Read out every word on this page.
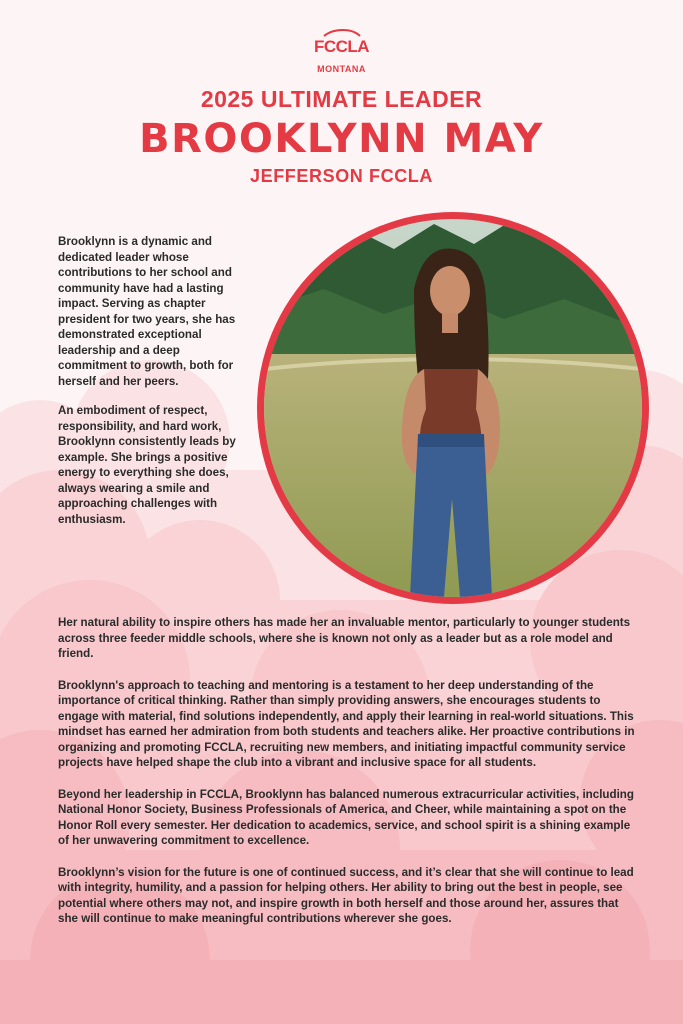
FCCLA
MONTANA
2025 ULTIMATE LEADER
BROOKLYNN MAY
JEFFERSON FCCLA

Brooklynn is a dynamic and dedicated leader whose contributions to her school and community have had a lasting impact. Serving as chapter president for two years, she has demonstrated exceptional leadership and a deep commitment to growth, both for herself and her peers.

An embodiment of respect, responsibility, and hard work, Brooklynn consistently leads by example. She brings a positive energy to everything she does, always wearing a smile and approaching challenges with enthusiasm.

Her natural ability to inspire others has made her an invaluable mentor, particularly to younger students across three feeder middle schools, where she is known not only as a leader but as a role model and friend.

Brooklynn's approach to teaching and mentoring is a testament to her deep understanding of the importance of critical thinking. Rather than simply providing answers, she encourages students to engage with material, find solutions independently, and apply their learning in real-world situations. This mindset has earned her admiration from both students and teachers alike. Her proactive contributions in organizing and promoting FCCLA, recruiting new members, and initiating impactful community service projects have helped shape the club into a vibrant and inclusive space for all students.

Beyond her leadership in FCCLA, Brooklynn has balanced numerous extracurricular activities, including National Honor Society, Business Professionals of America, and Cheer, while maintaining a spot on the Honor Roll every semester. Her dedication to academics, service, and school spirit is a shining example of her unwavering commitment to excellence.

Brooklynn’s vision for the future is one of continued success, and it’s clear that she will continue to lead with integrity, humility, and a passion for helping others. Her ability to bring out the best in people, see potential where others may not, and inspire growth in both herself and those around her, assures that she will continue to make meaningful contributions wherever she goes.
